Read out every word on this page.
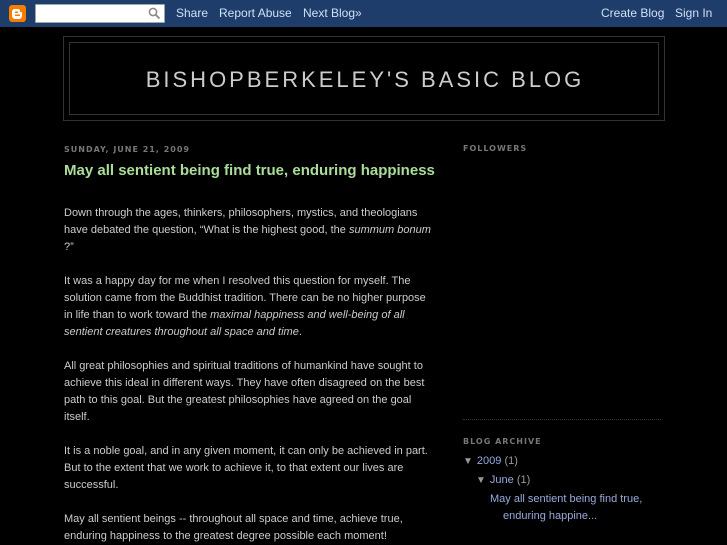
Share Report Abuse Next Blog»	Create Blog Sign In
BISHOPBERKELEY'S BASIC BLOG
SUNDAY, JUNE 21, 2009
May all sentient being find true, enduring happiness

Down through the ages, thinkers, philosophers, mystics, and theologians have debated the question, “What is the highest good, the summum bonum ?”

It was a happy day for me when I resolved this question for myself. The solution came from the Buddhist tradition. There can be no higher purpose in life than to work toward the maximal happiness and well-being of all sentient creatures throughout all space and time.

All great philosophies and spiritual traditions of humankind have sought to achieve this ideal in different ways. They have often disagreed on the best path to this goal. But the greatest philosophies have agreed on the goal itself.

It is a noble goal, and in any given moment, it can only be achieved in part. But to the extent that we work to achieve it, to that extent our lives are successful.

May all sentient beings -- throughout all space and time, achieve true, enduring happiness to the greatest degree possible each moment!

FOLLOWERS
BLOG ARCHIVE
▼ 2009 (1)
▼ June (1)
May all sentient being find true,
enduring happine...
